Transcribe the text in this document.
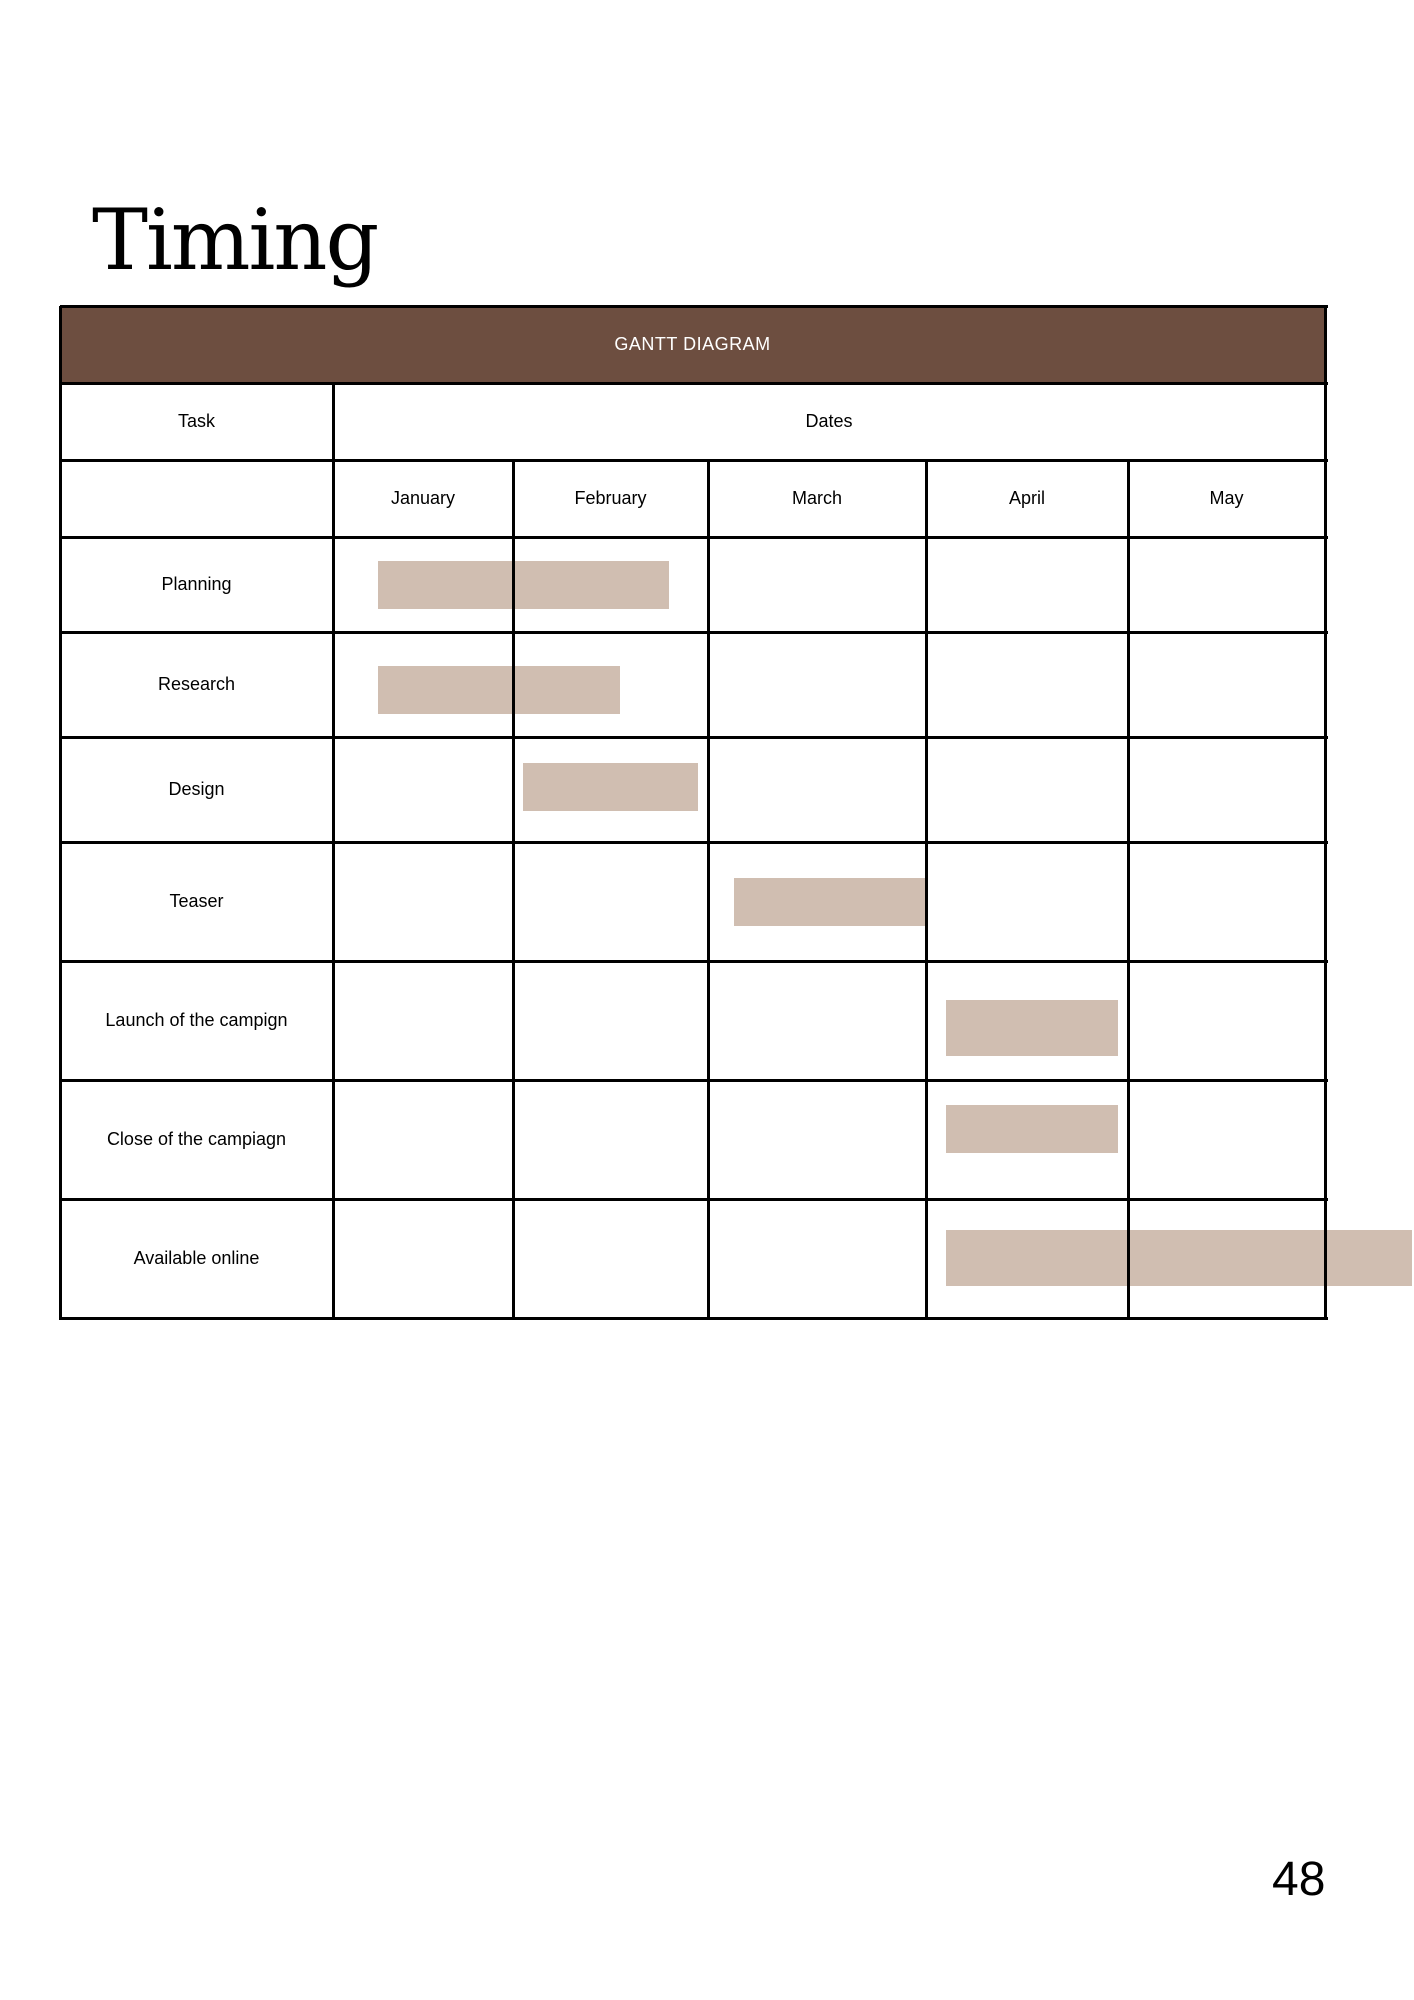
Timing
GANTT DIAGRAM
Task	Dates
January	February	March	April	May
Planning
Research
Design
Teaser
Launch of the campign
Close of the campiagn
Available online
48
